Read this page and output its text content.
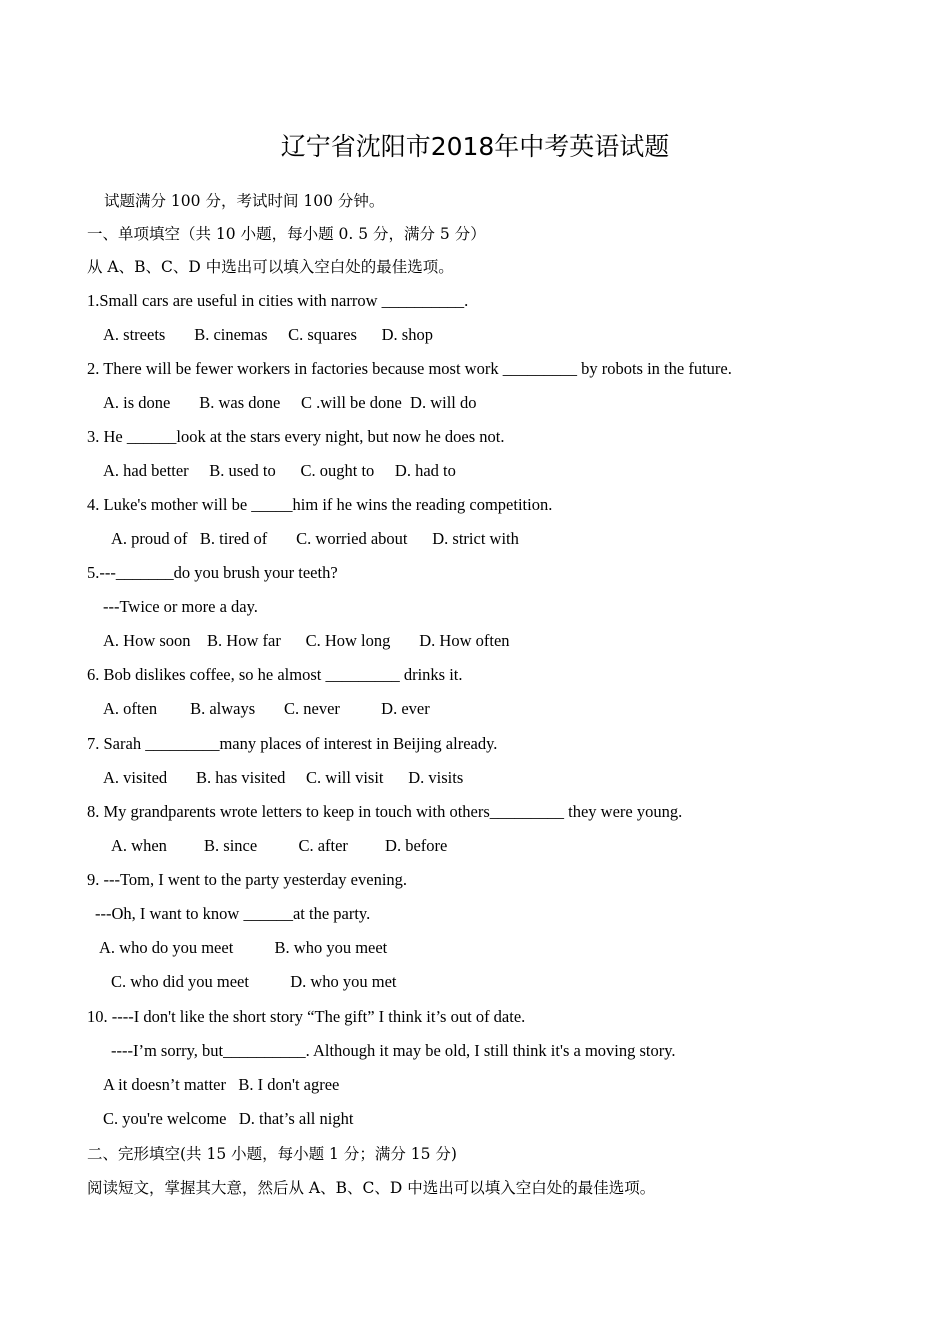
辽宁省沈阳市2018年中考英语试题
试题满分 100 分，考试时间 100 分钟。
一、单项填空（共 10 小题，每小题 0. 5 分，满分 5 分）
从 A、B、C、D 中选出可以填入空白处的最佳选项。
1.Small cars are useful in cities with narrow __________.
A. streets       B. cinemas     C. squares      D. shop
2. There will be fewer workers in factories because most work _________ by robots in the future.
A. is done       B. was done     C .will be done  D. will do
3. He ______look at the stars every night, but now he does not.
A. had better     B. used to      C. ought to     D. had to
4. Luke's mother will be _____him if he wins the reading competition.
A. proud of   B. tired of       C. worried about      D. strict with
5.---_______do you brush your teeth?
---Twice or more a day.
A. How soon    B. How far      C. How long       D. How often
6. Bob dislikes coffee, so he almost _________ drinks it.
A. often        B. always       C. never          D. ever
7. Sarah _________many places of interest in Beijing already.
A. visited       B. has visited     C. will visit      D. visits
8. My grandparents wrote letters to keep in touch with others_________ they were young.
A. when         B. since          C. after         D. before
9. ---Tom, I went to the party yesterday evening.
---Oh, I want to know ______at the party.
A. who do you meet          B. who you meet
C. who did you meet          D. who you met
10. ----I don't like the short story “The gift” I think it’s out of date.
----I’m sorry, but__________. Although it may be old, I still think it's a moving story.
A it doesn’t matter   B. I don't agree
C. you're welcome   D. that’s all night
二、完形填空(共 15 小题，每小题 1 分；满分 15 分)
阅读短文，掌握其大意，然后从 A、B、C、D 中选出可以填入空白处的最佳选项。
